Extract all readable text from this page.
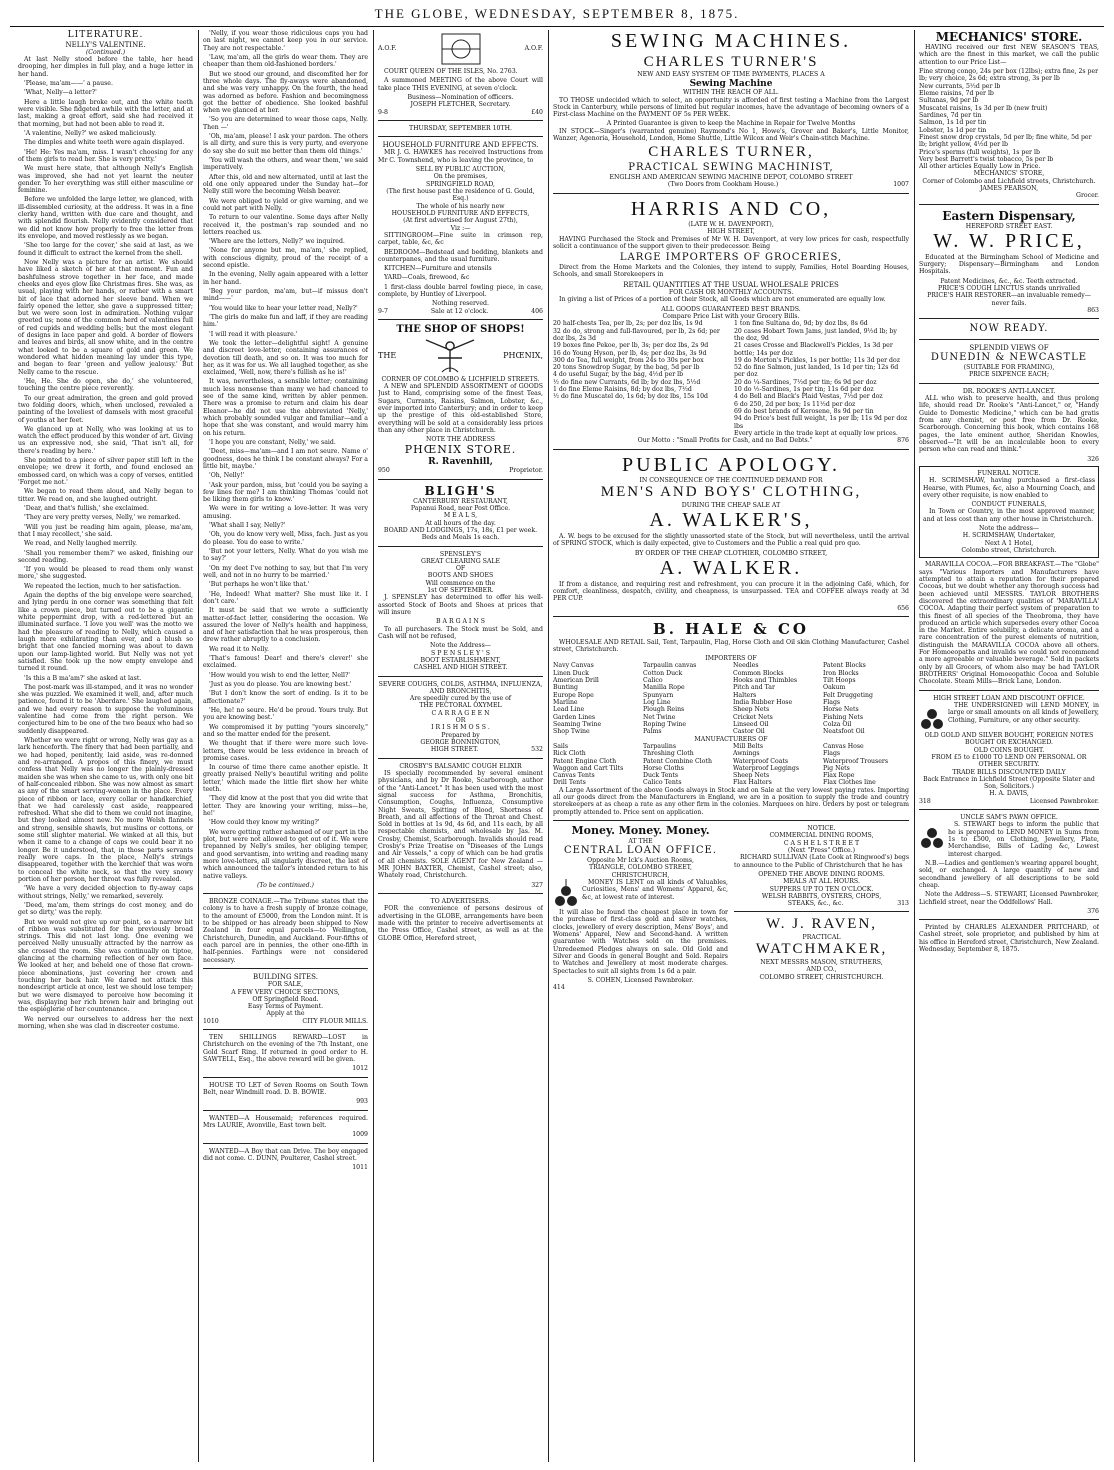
THE GLOBE, WEDNESDAY, SEPTEMBER 8, 1875.
LITERATURE.
NELLY'S VALENTINE.
(Continued.)

At last Nelly stood before the table, her head drooping, her dimples in full play, and a huge letter in her hand.

'Please, ma'am——' a pause.

'What, Nelly—a letter?'

Here a little laugh broke out, and the white teeth were visible. She fidgeted awhile with the letter, and at last, making a great effort, said she had received it that morning, but had not been able to read it.

'A valentine, Nelly?' we asked maliciously.

The dimples and white teeth were again displayed.

'He! He: Yes ma'am, miss. I wasn't choosing for any of them girls to read her. She is very pretty.'

We must here state, that although Nelly's English was improved, she had not yet learnt the neuter gender. To her everything was still either masculine or feminine.

Before we unfolded the large letter, we glanced, with ill-dissembled curiosity, at the address. It was in a fine clerky hand, written with due care and thought, and with splendid flourish. Nelly evidently considered that we did not know how properly to free the letter from its envelope, and moved restlessly as we began.

'She too large for the cover,' she said at last, as we found it difficult to extract the kernel from the shell.

Now Nelly was a picture for an artist. We should have liked a sketch of her at that moment. Fun and bashfulness strove together in her face, and made cheeks and eyes glow like Christmas fires. She was, as usual, playing with her hands, or rather with a smart bit of lace that adorned her sleeve band. When we fairly opened the letter, she gave a suppressed titter; but we were soon lost in admiration. Nothing vulgar greeted us; none of the common herd of valentines full of red cupids and wedding bells; but the most elegant of designs in lace paper and gold. A border of flowers and leaves and birds, all snow white, and in the centre what looked to be a square of gold and green. We wondered what hidden meaning lay under this type, and began to fear 'green and yellow jealousy.' But Nelly came to the rescue.

'He, He. She do open, she do,' she volunteered, touching the centre piece reverently.

To our great admiration, the green and gold proved two folding doors, which, when unclosed, revealed a painting of the loveliest of damsels with most graceful of youths at her feet.

We glanced up at Nelly, who was looking at us to watch the effect produced by this wonder of art. Giving us an expressive nod, she said, 'That isn't all, for there's reading by here.'

She pointed to a piece of silver paper still left in the envelope; we drew it forth, and found enclosed an embossed card, on which was a copy of verses, entitled 'Forget me not.'

We began to read them aloud, and Nelly began to titter. We read on, and she laughed outright.

'Dear, and that's fullish,' she exclaimed.

'They are very pretty verses, Nelly,' we remarked.

'Will you just be reading him again, please, ma'am, that I may recollect,' she said.

We read, and Nelly laughed merrily.

'Shall you remember them?' we asked, finishing our second reading.

'If you would be pleased to read them only wanst more,' she suggested.

We repeated the lection, much to her satisfaction.

Again the depths of the big envelope were searched, and lying perdu in one corner was something that felt like a crown piece, but turned out to be a gigantic white peppermint drop, with a red-lettered but an illuminated surface. 'I love you well' was the motto we had the pleasure of reading to Nelly, which caused a laugh more exhilarating than ever, and a blush so bright that one fancied morning was about to dawn upon our lamp-lighted world. But Nelly was not yet satisfied. She took up the now empty envelope and turned it round.

'Is this a B ma'am?' she asked at last.

The post-mark was ill-stamped, and it was no wonder she was puzzled. We examined it well, and, after much patience, found it to be 'Aberdare.' She laughed again, and we had every reason to suppose the voluminous valentine had come from the right person. We conjectured him to be one of the two beaux who had so suddenly disappeared.

Whether we were right or wrong, Nelly was gay as a lark henceforth. The finery that had been partially, and we had hoped, penitently, laid aside, was re-donned and re-arranged. A propos of this finery, we must confess that Nelly was no longer the plainly-dressed maiden she was when she came to us, with only one bit of half-concealed ribbon. She was now almost as smart as any of the smart serving-women in the place. Every piece of ribbon or lace, every collar or handkerchief, that we had carelessly cast aside, reappeared refreshed. What she did to them we could not imagine, but they looked almost new. No more Welsh flannels and strong, sensible shawls, but muslins or cottons, or some still slighter material. We winked at all this, but when it came to a change of caps we could bear it no longer. Be it understood, that, in those parts servants really wore caps. In the place, Nelly's strings disappeared, together with the kerchief that was worn to conceal the white neck, so that the very snowy portion of her person, her throat was fully revealed.

'We have a very decided objection to fly-away caps without strings, Nelly,' we remarked, severely.

'Deed, ma'am, them strings do cost money, and do get so dirty,' was the reply.

But we would not give up our point, so a narrow bit of ribbon was substituted for the previously broad strings. This did not last long. One evening we perceived Nelly unusually attracted by the narrow as she crossed the room. She was continually on tiptoe, glancing at the charming reflection of her own face. We looked at her, and beheld one of those flat crown-piece abominations, just covering her crown and touching her back hair. We dared not attack this nondescript article at once, lest we should lose temper; but we were dismayed to perceive how becoming it was, displaying her rich brown hair and bringing out the espièglerie of her countenance.

We nerved our ourselves to address her the next morning, when she was clad in discreeter costume.

'Nelly, if you wear those ridiculous caps you had on last night, we cannot keep you in our service. They are not respectable.'

'Law, ma'am, all the girls do wear them. They are cheaper than them old-fashioned borders.'

But we stood our ground, and discomfited her for three whole days. The fly-aways were abandoned, and she was very unhappy. On the fourth, the head was adorned as before. Fashion and becomingness got the better of obedience. She looked bashful when we glanced at her.

'So you are determined to wear those caps, Nelly. Then —'

'Oh, ma'am, please! I ask your pardon. The others is all dirty, and sure this is very purty, and everyone do say she do suit me better than them old things.'

'You will wash the others, and wear them,' we said imperatively.

After this, old and new alternated, until at last the old one only appeared under the Sunday hat—for Nelly still wore the becoming Welsh beaver.

We were obliged to yield or give warning, and we could not part with Nelly.

To return to our valentine. Some days after Nelly received it, the postman's rap sounded and no letters reached us.

'Where are the letters, Nelly?' we inquired.

'None for anyone but me, ma'am,' she replied, with conscious dignity, proud of the receipt of a second epistle.

In the evening, Nelly again appeared with a letter in her hand.

'Beg your pardon, ma'am, but—if missus don't mind——'

'You would like to hear your letter read, Nelly?'

'The girls do make fun and laff, if they are reading him.'

'I will read it with pleasure.'

We took the letter—delightful sight! A genuine and discreet love-letter, containing assurances of devotion till death, and so on. It was too much for her, as it was for us. We all laughed together, as she exclaimed, 'Well, now, there's fullish as he is!'

It was, nevertheless, a sensible letter; containing much less nonsense than many we had chanced to see of the same kind, written by abler penmen. There was a promise to return and claim his dear Eleanor—he did not use the abbreviated 'Nelly,' which probably sounded vulgar and familiar—and a hope that she was constant, and would marry him on his return.

'I hope you are constant, Nelly,' we said.

'Deet, miss—ma'am—and I am not seure. Name o' goodness, does he think I be constant always? For a little bit, maybe.'

'Oh, Nelly!'

'Ask your pardon, miss, but 'could you be saying a few lines for me? I am thinking Thomas 'could not be liking them girls to know.'

We were in for writing a love-letter. It was very amusing.

'What shall I say, Nelly?'

'Oh, you do know very well, Miss, fach. Just as you do please. You do ease to write.'

'But not your letters, Nelly. What do you wish me to say?'

'On my deet I've nothing to say, but that I'm very well, and not in no hurry to be married.'

'But perhaps he won't like that.'

'He, Indeed! What matter? She must like it. I don't care.'

It must be said that we wrote a sufficiently matter-of-fact letter, considering the occasion. We assured the lover of Nelly's health and happiness, and of her satisfaction that he was prosperous, then drew rather abruptly to a conclusion.

We read it to Nelly.

'That's famous! Dear! and there's clever!' she exclaimed.

'How would you wish to end the letter, Nell?'

'Just as you do please. You are knowing best.'

'But I don't know the sort of ending. Is it to be affectionate?'

'He, he! no seure. He'd be proud. Yours truly. But you are knowing best.'

We compromised it by putting "yours sincerely," and so the matter ended for the present.

We thought that if there were more such love-letters, there would be less evidence in breach of promise cases.

In course of time there came another epistle. It greatly praised Nelly's beautiful writing and polite letter,' which made the little flirt show her white teeth.

'They did know at the post that you did write that letter. They are knowing your writing, miss—he, he!'

'How could they know my writing?'

We were getting rather ashamed of our part in the plot, but were not allowed to get out of it. We were trepanned by Nelly's smiles, her obliging temper, and good servantism, into writing and reading many more love-letters, all singularly discreet, the last of which announced the tailor's intended return to his native valleys.

(To be continued.)

BRONZE COINAGE.—The Tribune states that the colony is to have a fresh supply of bronze coinage, to the amount of £5000, from the London mint. It is to be shipped or has already been shipped to New Zealand in four equal parcels—to Wellington, Christchurch, Dunedin, and Auckland. Four-fifths of each parcel are in pennies, the other one-fifth in half-pennies. Farthings were not considered necessary.

BUILDING SITES.
FOR SALE,
A FEW VERY CHOICE SECTIONS,
Off Springfield Road.
Easy Terms of Payment.
Apply at the
1010	CITY FLOUR MILLS.

TEN SHILLINGS REWARD—LOST in Christchurch on the evening of the 7th Instant, one Gold Scarf Ring. If returned in good order to H. SAWTELL, Esq., the above reward will be given.

1012

HOUSE TO LET of Seven Rooms on South Town Belt, near Windmill road. D. B. BOWIE.

993

WANTED—A Housemaid; references required. Mrs LAURIE, Avonville, East town belt.

1009

WANTED—A Boy that can Drive. The boy engaged did not come. C. DUNN, Poulterer, Cashel street.

1011
A.O.F.	A.O.F.

COURT QUEEN OF THE ISLES, No. 2763.

A summoned MEETING of the above Court will take place THIS EVENING, at seven o'clock.

Business—Nomination of officers.
JOSEPH FLETCHER, Secretary.
9-8	£40
THURSDAY, SEPTEMBER 10TH.
HOUSEHOLD FURNITURE AND EFFECTS.

MR J. G. HAWKES has received Instructions from Mr C. Townshend, who is leaving the province, to

SELL BY PUBLIC AUCTION,
On the premises,
SPRINGFIELD ROAD,
(The first house past the residence of G. Gould, Esq.)
The whole of his nearly new
HOUSEHOLD FURNITURE AND EFFECTS,
(At first advertised for August 27th),
Viz :—

SITTINGROOM—Fine suite in crimson rep, carpet, table, &c, &c

BEDROOM—Bedstead and bedding, blankets and counterpanes, and the usual furniture.

KITCHEN—Furniture and utensils

YARD—Coals, firewood, &c

1 first-class double barrel fowling piece, in case, complete, by Huntley of Liverpool.

Nothing reserved.
9-7	Sale at 12 o'clock.	406
THE SHOP OF SHOPS!
THE	PHŒNIX,
CORNER OF COLOMBO & LICHFIELD STREETS.

A NEW and SPLENDID ASSORTMENT of GOODS Just to Hand, comprising some of the finest Teas, Sugars, Currants, Raisins, Salmon, Lobster, &c., ever imported into Canterbury; and in order to keep up the prestige of this old-established Store, everything will be sold at a considerably less prices than any other place in Christchurch.

NOTE THE ADDRESS
PHŒNIX STORE.
R. Ravenhill,
950	Proprietor.
BLIGH'S
CANTERBURY RESTAURANT,
Papanui Road, near Post Office.
M E A L S,
At all hours of the day.
BOARD AND LODGINGS, 17s, 18s, £1 per week.
Beds and Meals 1s each.
SPENSLEY'S
GREAT CLEARING SALE
OF
BOOTS AND SHOES
Will commence on the
1st OF SEPTEMBER.

J. SPENSLEY has determined to offer his well-assorted Stock of Boots and Shoes at prices that will insure

B A R G A I N S

To all purchasers. The Stock must be Sold, and Cash will not be refused,

Note the Address—
S P E N S L E Y ' S
BOOT ESTABLISHMENT,
CASHEL AND HIGH STREET.
SEVERE COUGHS, COLDS, ASTHMA, INFLUENZA, AND BRONCHITIS,
Are speedily cured by the use of
THE PECTORAL OXYMEL
C A R R A G E E N
OR
I R I S H M O S S .
Prepared by
GEORGE BONNINGTON,
HIGH STREET.	532
CROSBY'S BALSAMIC COUGH ELIXIR

IS specially recommended by several eminent physicians, and by Dr Rooke, Scarborough, author of the "Anti-Lancet." It has been used with the most signal success for Asthma, Bronchitis, Consumption, Coughs, Influenza, Consumptive Night Sweats, Spitting of Blood, Shortness of Breath, and all affections of the Throat and Chest. Sold in bottles at 1s 9d, 4s 6d, and 11s each, by all respectable chemists, and wholesale by Jas. M. Crosby, Chemist, Scarborough. Invalids should read Crosby's Prize Treatise on "Diseases of the Lungs and Air Vessels," a copy of which can be had gratis of all chemists. SOLE AGENT for New Zealand — MR JOHN BAXTER, Chemist, Cashel street; also, Whately road, Christchurch.

327
TO ADVERTISERS.

FOR the convenience of persons desirous of advertising in the GLOBE, arrangements have been made with the printer to receive advertisements at the Press Office, Cashel street, as well as at the GLOBE Office, Hereford street,

SEWING MACHINES.
CHARLES TURNER'S
NEW AND EASY SYSTEM OF TIME PAYMENTS, PLACES A
Sewing Machine
WITHIN THE REACH OF ALL.

TO THOSE undecided which to select, an opportunity is afforded of first testing a Machine from the Largest Stock in Canterbury, while persons of limited but regular incomes, have the advantage of becoming owners of a First-class Machine on the PAYMENT OF 5s PER WEEK.

A Printed Guarantee is given to keep the Machine in Repair for Twelve Months

IN STOCK—Singer's (warranted genuine) Raymond's No 1, Howe's, Grover and Baker's, Little Monitor, Wanzer, Agenoria, Household, London, Home Shuttle, Little Wilcox and Weir's Chain-stitch Machine.

CHARLES TURNER,
PRACTICAL SEWING MACHINIST,
ENGLISH AND AMERICAN SEWING MACHINE DEPOT, COLOMBO STREET
(Two Doors from Cookham House.)	1007
HARRIS AND CO,
(LATE W. H. DAVENPORT),
HIGH STREET,

HAVING Purchased the Stock and Premises of Mr W. H. Davenport, at very low prices for cash, respectfully solicit a continuance of the support given to their predecessor. Being

LARGE IMPORTERS OF GROCERIES,

Direct from the Home Markets and the Colonies, they intend to supply, Families, Hotel Boarding Houses, Schools, and small Storekeepers in

RETAIL QUANTITIES AT THE USUAL WHOLESALE PRICES
FOR CASH OR MONTHLY ACCOUNTS.

In giving a list of Prices of a portion of their Stock, all Goods which are not enumerated are equally low.

ALL GOODS GUARANTEED BEST BRANDS.
Compare Price List with your Grocery Bills.
20 half-chests Tea, per lb, 2s; per doz lbs, 1s 9d
32 do do, strong and full-flavoured, per lb, 2s 6d; per doz lbs, 2s 3d
19 boxes fine Pekoe, per lb, 3s; per doz lbs, 2s 9d
16 do Young Hyson, per lb, 4s; per doz lbs, 3s 9d
300 do Tea, full weight, from 24s to 30s per box
20 tons Snowdrop Sugar, by the bag, 5d per lb
4 do useful Sugar, by the bag, 4½d per lb
½ do fine new Currants, 6d lb; by doz lbs, 5½d
1 do fine Eleme Raisins, 8d; by doz lbs, 7½d
½ do fine Muscatel do, 1s 6d; by doz lbs, 15s 10d
1 ton fine Sultana do, 9d; by doz lbs, 8s 6d
20 cases Hobart Town Jams, just landed, 9½d lb; by the doz, 9d
21 cases Crosse and Blackwell's Pickles, 1s 3d per bottle; 14s per doz
19 do Morton's Pickles, 1s per bottle; 11s 3d per doz
52 do fine Salmon, just landed, 1s 1d per tin; 12s 6d per doz
20 do ¼-Sardines, 7½d per tin; 6s 9d per doz
10 do ½-Sardines, 1s per tin; 11s 6d per doz
4 do Bell and Black's Plaid Vestas, 7½d per doz
6 do 250, 2d per box; 1s 11½d per doz
69 do best brands of Kerosene, 8s 9d per tin
94 do Price's best full weight, 1s per lb; 11s 9d per doz lbs
Every article in the trade kept at equally low prices.
Our Motto : "Small Profits for Cash, and no Bad Debts."	876
PUBLIC APOLOGY.
IN CONSEQUENCE OF THE CONTINUED DEMAND FOR
MEN'S AND BOYS' CLOTHING,
DURING THE CHEAP SALE AT
A. WALKER'S,

A. W. begs to be excused for the slightly unassorted state of the Stock, but will nevertheless, until the arrival of SPRING STOCK, which is daily expected, give to Customers and the Public a real quid pro quo.

BY ORDER OF THE CHEAP CLOTHIER, COLOMBO STREET,
A. WALKER.

If from a distance, and requiring rest and refreshment, you can procure it in the adjoining Café, which, for comfort, cleanliness, despatch, civility, and cheapness, is unsurpassed. TEA and COFFEE always ready at 3d PER CUP.

656
B. HALE & CO

WHOLESALE AND RETAIL Sail, Tent, Tarpaulin, Flag, Horse Cloth and Oil skin Clothing Manufacturer, Cashel street, Christchurch.

IMPORTERS OF
Navy Canvas
Linen Duck
American Drill
Bunting
Europe Rope
Marline
Lead Line
Garden Lines
Seaming Twine
Shop Twine
Tarpaulin canvas
Cotton Duck
Calico
Manilla Rope
Spunyarn
Log Line
Plough Reins
Net Twine
Roping Twine
Palms
Needles
Common Blocks
Hooks and Thimbles
Pitch and Tar
Halters
India Rubber Hose
Sheep Nets
Cricket Nets
Linseed Oil
Castor Oil
Patent Blocks
Iron Blocks
Tilt Hoops
Oakum
Felt Druggeting
Flags
Horse Nets
Fishing Nets
Colza Oil
Neatsfoot Oil
MANUFACTURERS OF
Sails
Rick Cloth
Patent Engine Cloth
Waggon and Cart Tilts
Canvas Tents
Drill Tents
Tarpaulins
Threshing Cloth
Patent Combine Cloth
Horse Cloths
Duck Tents
Calico Tents
Mill Belts
Awnings
Waterproof Coats
Waterproof Leggings
Sheep Nets
Flax Halters
Canvas Hose
Flags
Waterproof Trousers
Pig Nets
Flax Rope
Flax Clothes line

A Large Assortment of the above Goods always in Stock and on Sale at the very lowest paying rates. Importing all our goods direct from the Manufacturers in England, we are in a position to supply the trade and country storekeepers at as cheap a rate as any other firm in the colonies. Marquees on hire. Orders by post or telegram promptly attended to. Price sent on application.

Money. Money. Money.
AT THE
CENTRAL LOAN OFFICE.
Opposite Mr Ick's Auction Rooms,
TRIANGLE, COLOMBO STREET,
CHRISTCHURCH,

MONEY IS LENT on all kinds of Valuables, Curiosities, Mens' and Womens' Apparel, &c, &c, at lowest rate of interest.

It will also be found the cheapest place in town for the purchase of first-class gold and silver watches, clocks, jewellery of every description, Mens' Boys', and Womens' Apparel, New and Second-hand. A written guarantee with Watches sold on the premises. Unredeemed Pledges always on sale. Old Gold and Silver and Goods in general Bought and Sold. Repairs to Watches and Jewellery at most moderate charges. Spectacles to suit all sights from 1s 6d a pair.

S. COHEN, Licensed Pawnbroker.
414
NOTICE.
COMMERCIAL DINING ROOMS,
C A S H E L S T R E E T
(Next "Press" Office.)

RICHARD SULLIVAN (Late Cook at Ringwood's) begs to announce to the Public of Christchurch that he has

OPENED THE ABOVE DINING ROOMS.
MEALS AT ALL HOURS.
SUPPERS UP TO TEN O'CLOCK.
WELSH RABBITS, OYSTERS, CHOPS,
STEAKS, &c., &c.	313
W. J. RAVEN,
PRACTICAL
WATCHMAKER,
NEXT MESSRS MASON, STRUTHERS,
AND CO.,
COLOMBO STREET, CHRISTCHURCH.
MECHANICS' STORE.

HAVING received our first NEW SEASON'S TEAS, which are the finest in this market, we call the public attention to our Price List—

Fine strong congo, 24s per box (12lbs); extra fine, 2s per lb; very choice, 2s 6d; extra strong, 3s per lb
New currants, 5½d per lb
Eleme raisins, 7d per lb
Sultanas, 9d per lb
Muscatel raisins, 1s 3d per lb (new fruit)
Sardines, 7d per tin
Salmon, 1s 1d per tin
Lobster, 1s 1d per tin
Finest snow drop crystals, 5d per lb; fine white, 5d per lb; bright yellow, 4½d per lb
Price's sperms (full weights), 1s per lb
Very best Barrett's twist tobacco, 5s per lb
All other articles Equally Low in Price.
MECHANICS' STORE,
Corner of Colombo and Lichfield streets, Christchurch.
JAMES PEARSON,
Grocer.
Eastern Dispensary,
HEREFORD STREET EAST.
W. W. PRICE,

Educated at the Birmingham School of Medicine and Surgery; Dispensary—Birmingham and London Hospitals.

Patent Medicines, &c., &c. Teeth extracted.
PRICE'S COUGH LINCTUS stands unrivalled
PRICE'S HAIR RESTORER—an invaluable remedy—never fails.
863
NOW READY.
SPLENDID VIEWS OF
DUNEDIN & NEWCASTLE
(SUITABLE FOR FRAMING),
PRICE SIXPENCE EACH;
DR. ROOKE'S ANTI-LANCET.

ALL who wish to preserve health, and thus prolong life, should read Dr. Rooke's "Anti-Lancet," or, "Handy Guide to Domestic Medicine," which can be had gratis from any chemist, or post free from Dr. Rooke, Scarborough. Concerning this book, which contains 168 pages, the late eminent author, Sheridan Knowles, observed—"It will be an incalculable boon to every person who can read and think."

326
FUNERAL NOTICE.

H. SCRIMSHAW, having purchased a first-class Hearse, with Plumes, &c, also a Mourning Coach, and every other requisite, is now enabled to

CONDUCT FUNERALS,

In Town or Country, in the most approved manner, and at less cost than any other house in Christchurch.

Note the address—
H. SCRIMSHAW, Undertaker,
Next A 1 Hotel,
Colombo street, Christchurch.

MARAVILLA COCOA.—FOR BREAKFAST.—The "Globe" says "Various Importers and Manufacturers have attempted to attain a reputation for their prepared Cocoas, but we doubt whether any thorough success had been achieved until MESSRS. TAYLOR BROTHERS discovered the extraordinary qualities of 'MARAVILLA' COCOA. Adapting their perfect system of preparation to this finest of all species of the Theobroma, they have produced an article which supersedes every other Cocoa in the Market. Entire solubility, a delicate aroma, and a rare concentration of the purest elements of nutrition, distinguish the MARAVILLA COCOA above all others. For Homoeopaths and invalids we could not recommend a more agreeable or valuable beverage." Sold in packets only by all Grocers, of whom also may be had TAYLOR BROTHERS' Original Homoeopathic Cocoa and Soluble Chocolate. Steam Mills—Brick Lane, London.

HIGH STREET LOAN AND DISCOUNT OFFICE.

THE UNDERSIGNED will LEND MONEY, in large or small amounts on all kinds of Jewellery, Clothing, Furniture, or any other security.

OLD GOLD AND SILVER BOUGHT, FOREIGN NOTES BOUGHT OR EXCHANGED.
OLD COINS BOUGHT.
FROM £5 to £1000 TO LEND ON PERSONAL OR OTHER SECURITY.
TRADE BILLS DISCOUNTED DAILY
Back Entrance in Lichfield Street (Opposite Slater and Son, Solicitors.)
H. A. DAVIS,
318	Licensed Pawnbroker.
UNCLE SAM'S PAWN OFFICE.

S. STEWART begs to inform the public that he is prepared to LEND MONEY in Sums from 1s to £500, on Clothing, Jewellery, Plate, Merchandise, Bills of Lading &c, Lowest interest charged.

N.B.—Ladies and gentlemen's wearing apparel bought, sold, or exchanged. A large quantity of new and secondhand jewellery of all descriptions to be sold cheap.

Note the Address—S. STEWART, Licensed Pawnbroker, Lichfield street, near the Oddfellows' Hall.

376

Printed by CHARLES ALEXANDER PRITCHARD, of Cashel street, sole proprietor, and published by him at his office in Hereford street, Christchurch, New Zealand. Wednesday, September 8, 1875.
